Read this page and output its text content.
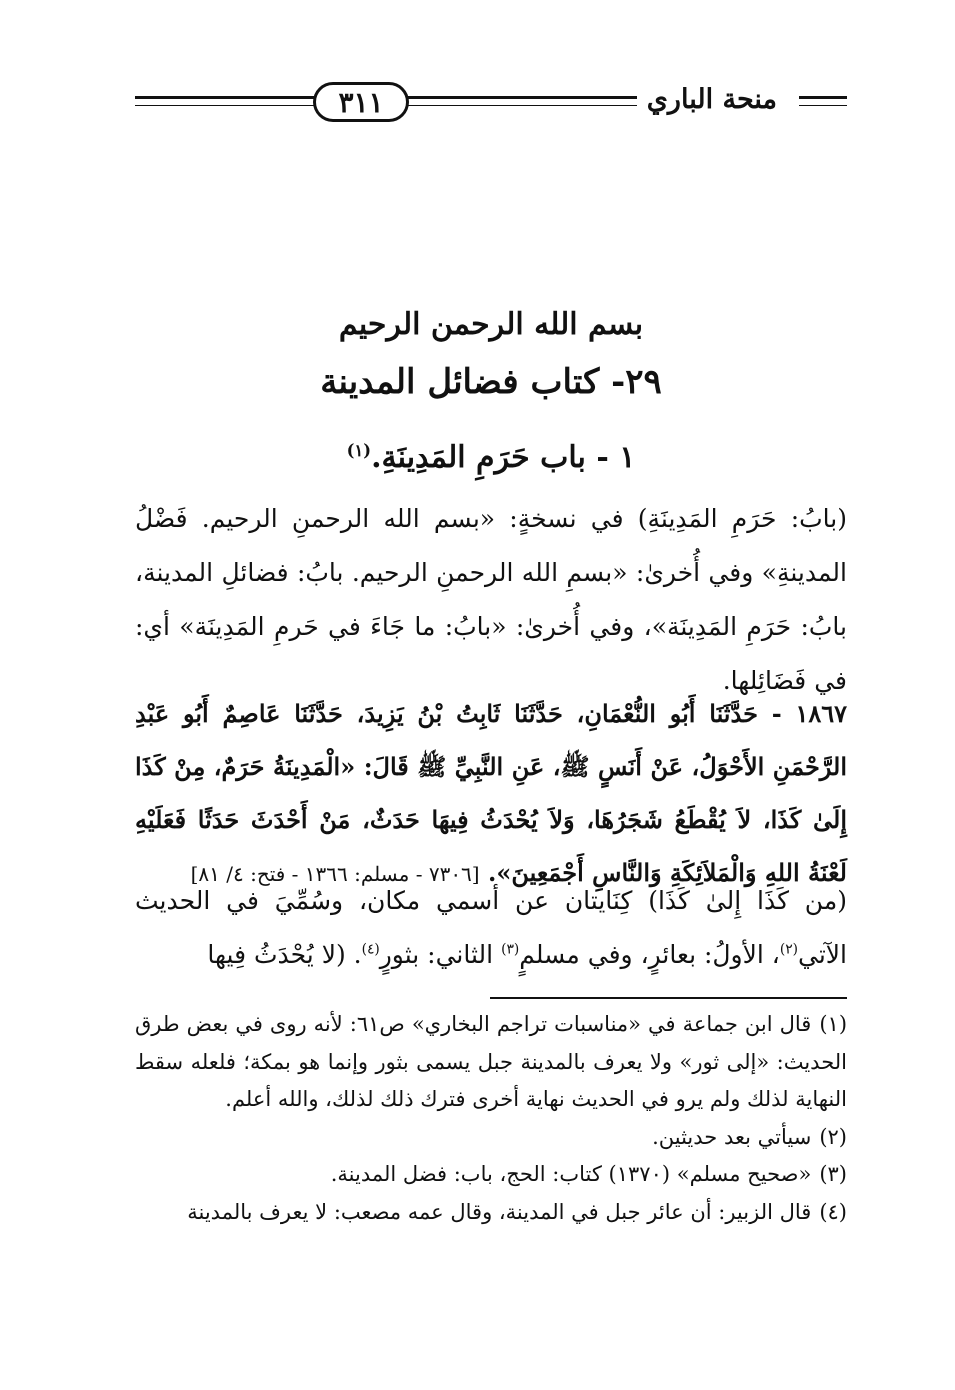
٣١١	منحة الباري
بسم الله الرحمن الرحيم
٢٩- كتاب فضائل المدينة
١ - باب حَرَمِ المَدِينَةِ.$^{(١)}$
(بابُ: حَرَمِ المَدِينَةِ) في نسخةٍ: «بسم الله الرحمنِ الرحيم. فَضْلُ المدينةِ» وفي أُخرىٰ: «بسمِ الله الرحمنِ الرحيم. بابُ: فضائلِ المدينة، بابُ: حَرَمِ المَدِينَة»، وفي أُخرىٰ: «بابُ: ما جَاءَ في حَرمِ المَدِينَة» أي: في فَضَائِلها.
١٨٦٧ - حَدَّثَنَا أَبُو النُّعْمَانِ، حَدَّثَنَا ثَابِتُ بْنُ يَزِيدَ، حَدَّثَنَا عَاصِمٌ أَبُو عَبْدِ الرَّحْمَنِ الأَحْوَلُ، عَنْ أَنَسٍ ﷺ، عَنِ النَّبِيِّ ﷺ قَالَ: «الْمَدِينَةُ حَرَمٌ، مِنْ كَذَا إِلَىٰ كَذَا، لاَ يُقْطَعُ شَجَرُهَا، وَلاَ يُحْدَثُ فِيهَا حَدَثٌ، مَنْ أَحْدَثَ حَدَثًا فَعَلَيْهِ لَعْنَةُ اللهِ وَالْمَلاَئِكَةِ وَالنَّاسِ أَجْمَعِينَ». [٧٣٠٦ - مسلم: ١٣٦٦ - فتح: ٤/ ٨١]
(من كَذَا إِلىٰ كَذَا) كِنَايتان عن أسمي مكان، وسُمِّيَ في الحديث الآتي$^{(٢)}$، الأولُ: بعائرٍ، وفي مسلمٍ$^{(٣)}$ الثاني: بثورٍ$^{(٤)}$. (لا يُحْدَثُ فِيها

(١)قال ابن جماعة في «مناسبات تراجم البخاري» ص٦١: لأنه روى في بعض طرق الحديث: «إلى ثور» ولا يعرف بالمدينة جبل يسمى بثور وإنما هو بمكة؛ فلعله سقط النهاية لذلك ولم يرو في الحديث نهاية أخرى فترك ذلك لذلك، والله أعلم.

(٢)سيأتي بعد حديثين.

(٣)«صحيح مسلم» (١٣٧٠) كتاب: الحج، باب: فضل المدينة.

(٤)قال الزبير: أن عائر جبل في المدينة، وقال عمه مصعب: لا يعرف بالمدينة
